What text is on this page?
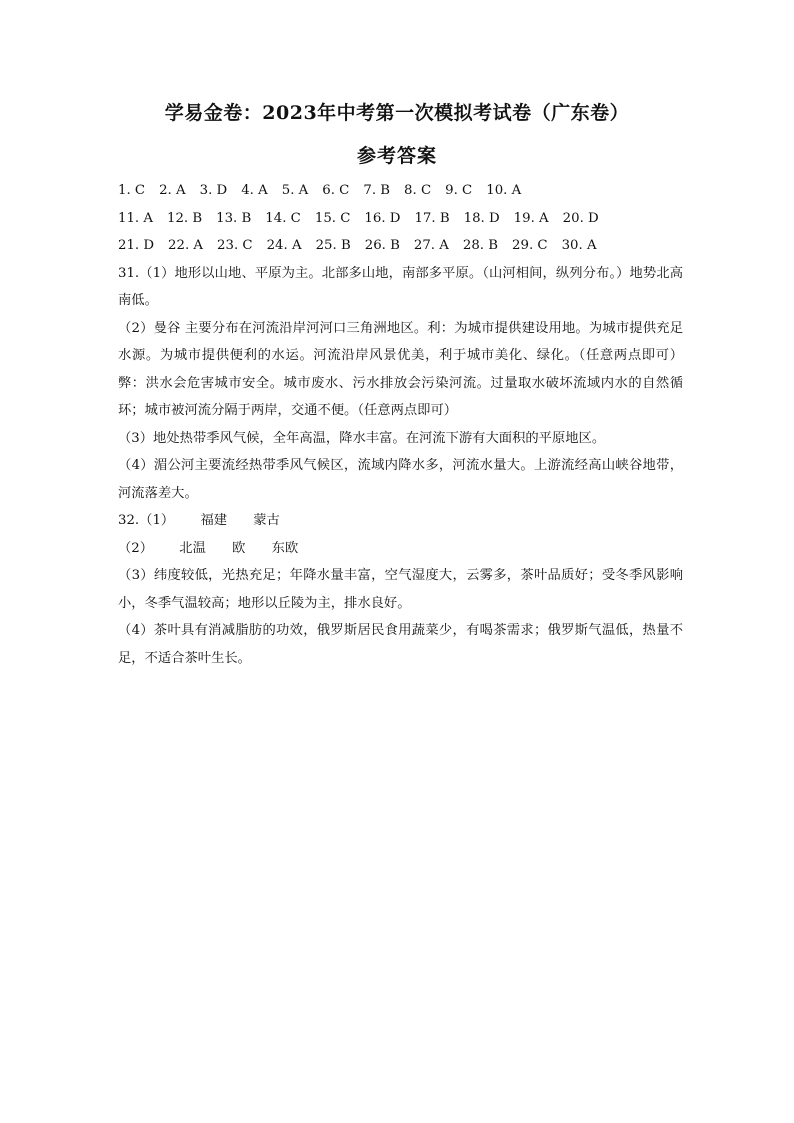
学易金卷：2023年中考第一次模拟考试卷（广东卷）
参考答案
1. C 2. A 3. D 4. A 5. A 6. C 7. B 8. C 9. C 10. A
11. A 12. B 13. B 14. C 15. C 16. D 17. B 18. D 19. A 20. D
21. D 22. A 23. C 24. A 25. B 26. B 27. A 28. B 29. C 30. A
31.（1）地形以山地、平原为主。北部多山地，南部多平原。（山河相间，纵列分布。）地势北高南低。
（2）曼谷 主要分布在河流沿岸河河口三角洲地区。利：为城市提供建设用地。为城市提供充足水源。为城市提供便利的水运。河流沿岸风景优美，利于城市美化、绿化。（任意两点即可）弊：洪水会危害城市安全。城市废水、污水排放会污染河流。过量取水破坏流域内水的自然循环；城市被河流分隔于两岸，交通不便。（任意两点即可）
（3）地处热带季风气候，全年高温，降水丰富。在河流下游有大面积的平原地区。
（4）湄公河主要流经热带季风气候区，流域内降水多，河流水量大。上游流经高山峡谷地带，河流落差大。
32.（1） 福建 蒙古
（2） 北温 欧 东欧
（3）纬度较低，光热充足；年降水量丰富，空气湿度大，云雾多，茶叶品质好；受冬季风影响小，冬季气温较高；地形以丘陵为主，排水良好。
（4）茶叶具有消减脂肪的功效，俄罗斯居民食用蔬菜少，有喝茶需求；俄罗斯气温低，热量不足，不适合茶叶生长。
